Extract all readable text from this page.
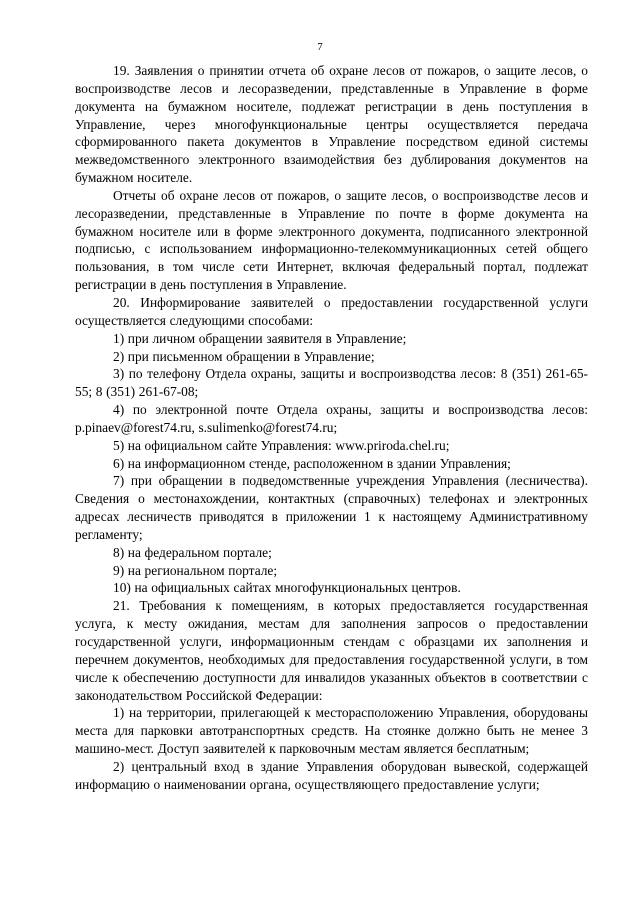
7

19. Заявления о принятии отчета об охране лесов от пожаров, о защите лесов, о воспроизводстве лесов и лесоразведении, представленные в Управление в форме документа на бумажном носителе, подлежат регистрации в день поступления в Управление, через многофункциональные центры осуществляется передача сформированного пакета документов в Управление посредством единой системы межведомственного электронного взаимодействия без дублирования документов на бумажном носителе.

Отчеты об охране лесов от пожаров, о защите лесов, о воспроизводстве лесов и лесоразведении, представленные в Управление по почте в форме документа на бумажном носителе или в форме электронного документа, подписанного электронной подписью, с использованием информационно-телекоммуникационных сетей общего пользования, в том числе сети Интернет, включая федеральный портал, подлежат регистрации в день поступления в Управление.

20. Информирование заявителей о предоставлении государственной услуги осуществляется следующими способами:

1) при личном обращении заявителя в Управление;

2) при письменном обращении в Управление;

3) по телефону Отдела охраны, защиты и воспроизводства лесов: 8 (351) 261-65-55; 8 (351) 261-67-08;

4) по электронной почте Отдела охраны, защиты и воспроизводства лесов: p.pinaev@forest74.ru, s.sulimenko@forest74.ru;

5) на официальном сайте Управления: www.priroda.chel.ru;

6) на информационном стенде, расположенном в здании Управления;

7) при обращении в подведомственные учреждения Управления (лесничества). Сведения о местонахождении, контактных (справочных) телефонах и электронных адресах лесничеств приводятся в приложении 1 к настоящему Административному регламенту;

8) на федеральном портале;

9) на региональном портале;

10) на официальных сайтах многофункциональных центров.

21. Требования к помещениям, в которых предоставляется государственная услуга, к месту ожидания, местам для заполнения запросов о предоставлении государственной услуги, информационным стендам с образцами их заполнения и перечнем документов, необходимых для предоставления государственной услуги, в том числе к обеспечению доступности для инвалидов указанных объектов в соответствии с законодательством Российской Федерации:

1) на территории, прилегающей к месторасположению Управления, оборудованы места для парковки автотранспортных средств. На стоянке должно быть не менее 3 машино-мест. Доступ заявителей к парковочным местам является бесплатным;

2) центральный вход в здание Управления оборудован вывеской, содержащей информацию о наименовании органа, осуществляющего предоставление услуги;
